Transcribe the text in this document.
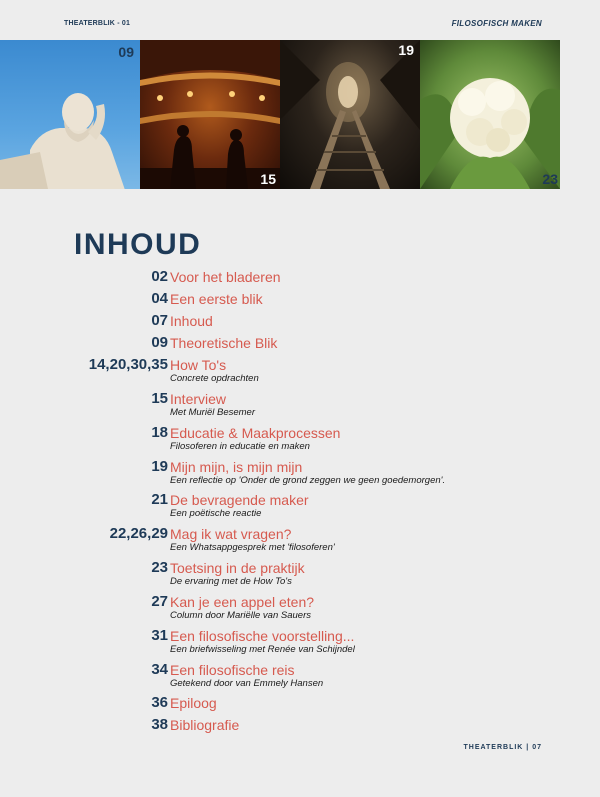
THEATERBLIK - 01	FILOSOFISCH MAKEN
09
15
19
23
INHOUD
02 Voor het bladeren
04 Een eerste blik
07 Inhoud
09 Theoretische Blik
14,20,30,35 How To's
Concrete opdrachten
15 Interview
Met Muriël Besemer
18 Educatie & Maakprocessen
Filosoferen in educatie en maken
19 Mijn mijn, is mijn mijn
Een reflectie op 'Onder de grond zeggen we geen goedemorgen'.
21 De bevragende maker
Een poëtische reactie
22,26,29 Mag ik wat vragen?
Een Whatsappgesprek met 'filosoferen'
23 Toetsing in de praktijk
De ervaring met de How To's
27 Kan je een appel eten?
Column door Mariëlle van Sauers
31 Een filosofische voorstelling...
Een briefwisseling met Renée van Schijndel
34 Een filosofische reis
Getekend door van Emmely Hansen
36 Epiloog
38 Bibliografie
THEATERBLIK | 07
